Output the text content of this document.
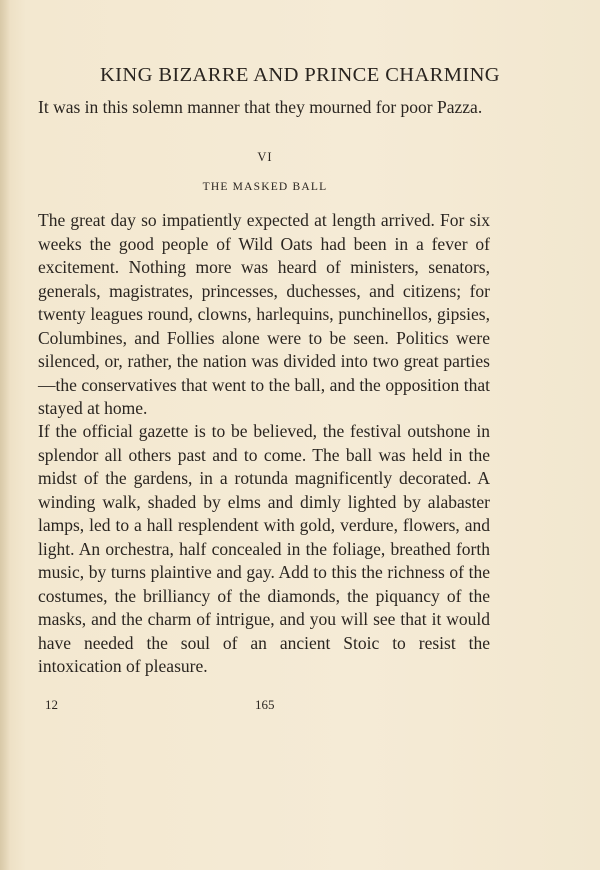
KING BIZARRE AND PRINCE CHARMING

It was in this solemn manner that they mourned for poor Pazza.

VI
THE MASKED BALL

The great day so impatiently expected at length arrived. For six weeks the good people of Wild Oats had been in a fever of excitement. Nothing more was heard of ministers, senators, generals, magistrates, princesses, duchesses, and citizens; for twenty leagues round, clowns, harlequins, punchinellos, gipsies, Columbines, and Follies alone were to be seen. Politics were silenced, or, rather, the nation was divided into two great parties—the conservatives that went to the ball, and the opposition that stayed at home.

If the official gazette is to be believed, the festival outshone in splendor all others past and to come. The ball was held in the midst of the gardens, in a rotunda magnificently decorated. A winding walk, shaded by elms and dimly lighted by alabaster lamps, led to a hall resplendent with gold, verdure, flowers, and light. An orchestra, half concealed in the foliage, breathed forth music, by turns plaintive and gay. Add to this the richness of the costumes, the brilliancy of the diamonds, the piquancy of the masks, and the charm of intrigue, and you will see that it would have needed the soul of an ancient Stoic to resist the intoxication of pleasure.

12	165
